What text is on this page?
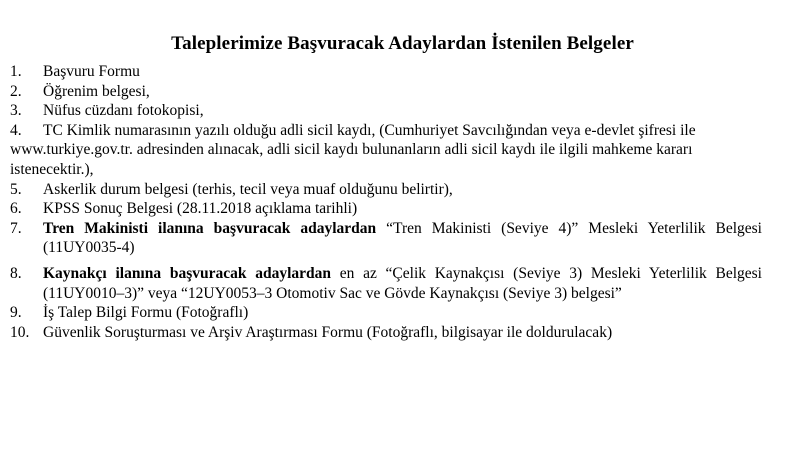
Taleplerimize Başvuracak Adaylardan İstenilen Belgeler
1. Başvuru Formu
2. Öğrenim belgesi,
3. Nüfus cüzdanı fotokopisi,
4.	TC Kimlik numarasının yazılı olduğu adli sicil kaydı, (Cumhuriyet Savcılığından veya e-devlet şifresi ile www.turkiye.gov.tr. adresinden alınacak, adli sicil kaydı bulunanların adli sicil kaydı ile ilgili mahkeme kararı istenecektir.),
5. Askerlik durum belgesi (terhis, tecil veya muaf olduğunu belirtir),
6. KPSS Sonuç Belgesi (28.11.2018 açıklama tarihli)
7. Tren Makinisti ilanına başvuracak adaylardan “Tren Makinisti (Seviye 4)” Mesleki Yeterlilik Belgesi (11UY0035-4)
8. Kaynakçı ilanına başvuracak adaylardan en az “Çelik Kaynakçısı (Seviye 3) Mesleki Yeterlilik Belgesi (11UY0010–3)” veya “12UY0053–3 Otomotiv Sac ve Gövde Kaynakçısı (Seviye 3) belgesi”
9. İş Talep Bilgi Formu (Fotoğraflı)
10. Güvenlik Soruşturması ve Arşiv Araştırması Formu (Fotoğraflı, bilgisayar ile doldurulacak)
